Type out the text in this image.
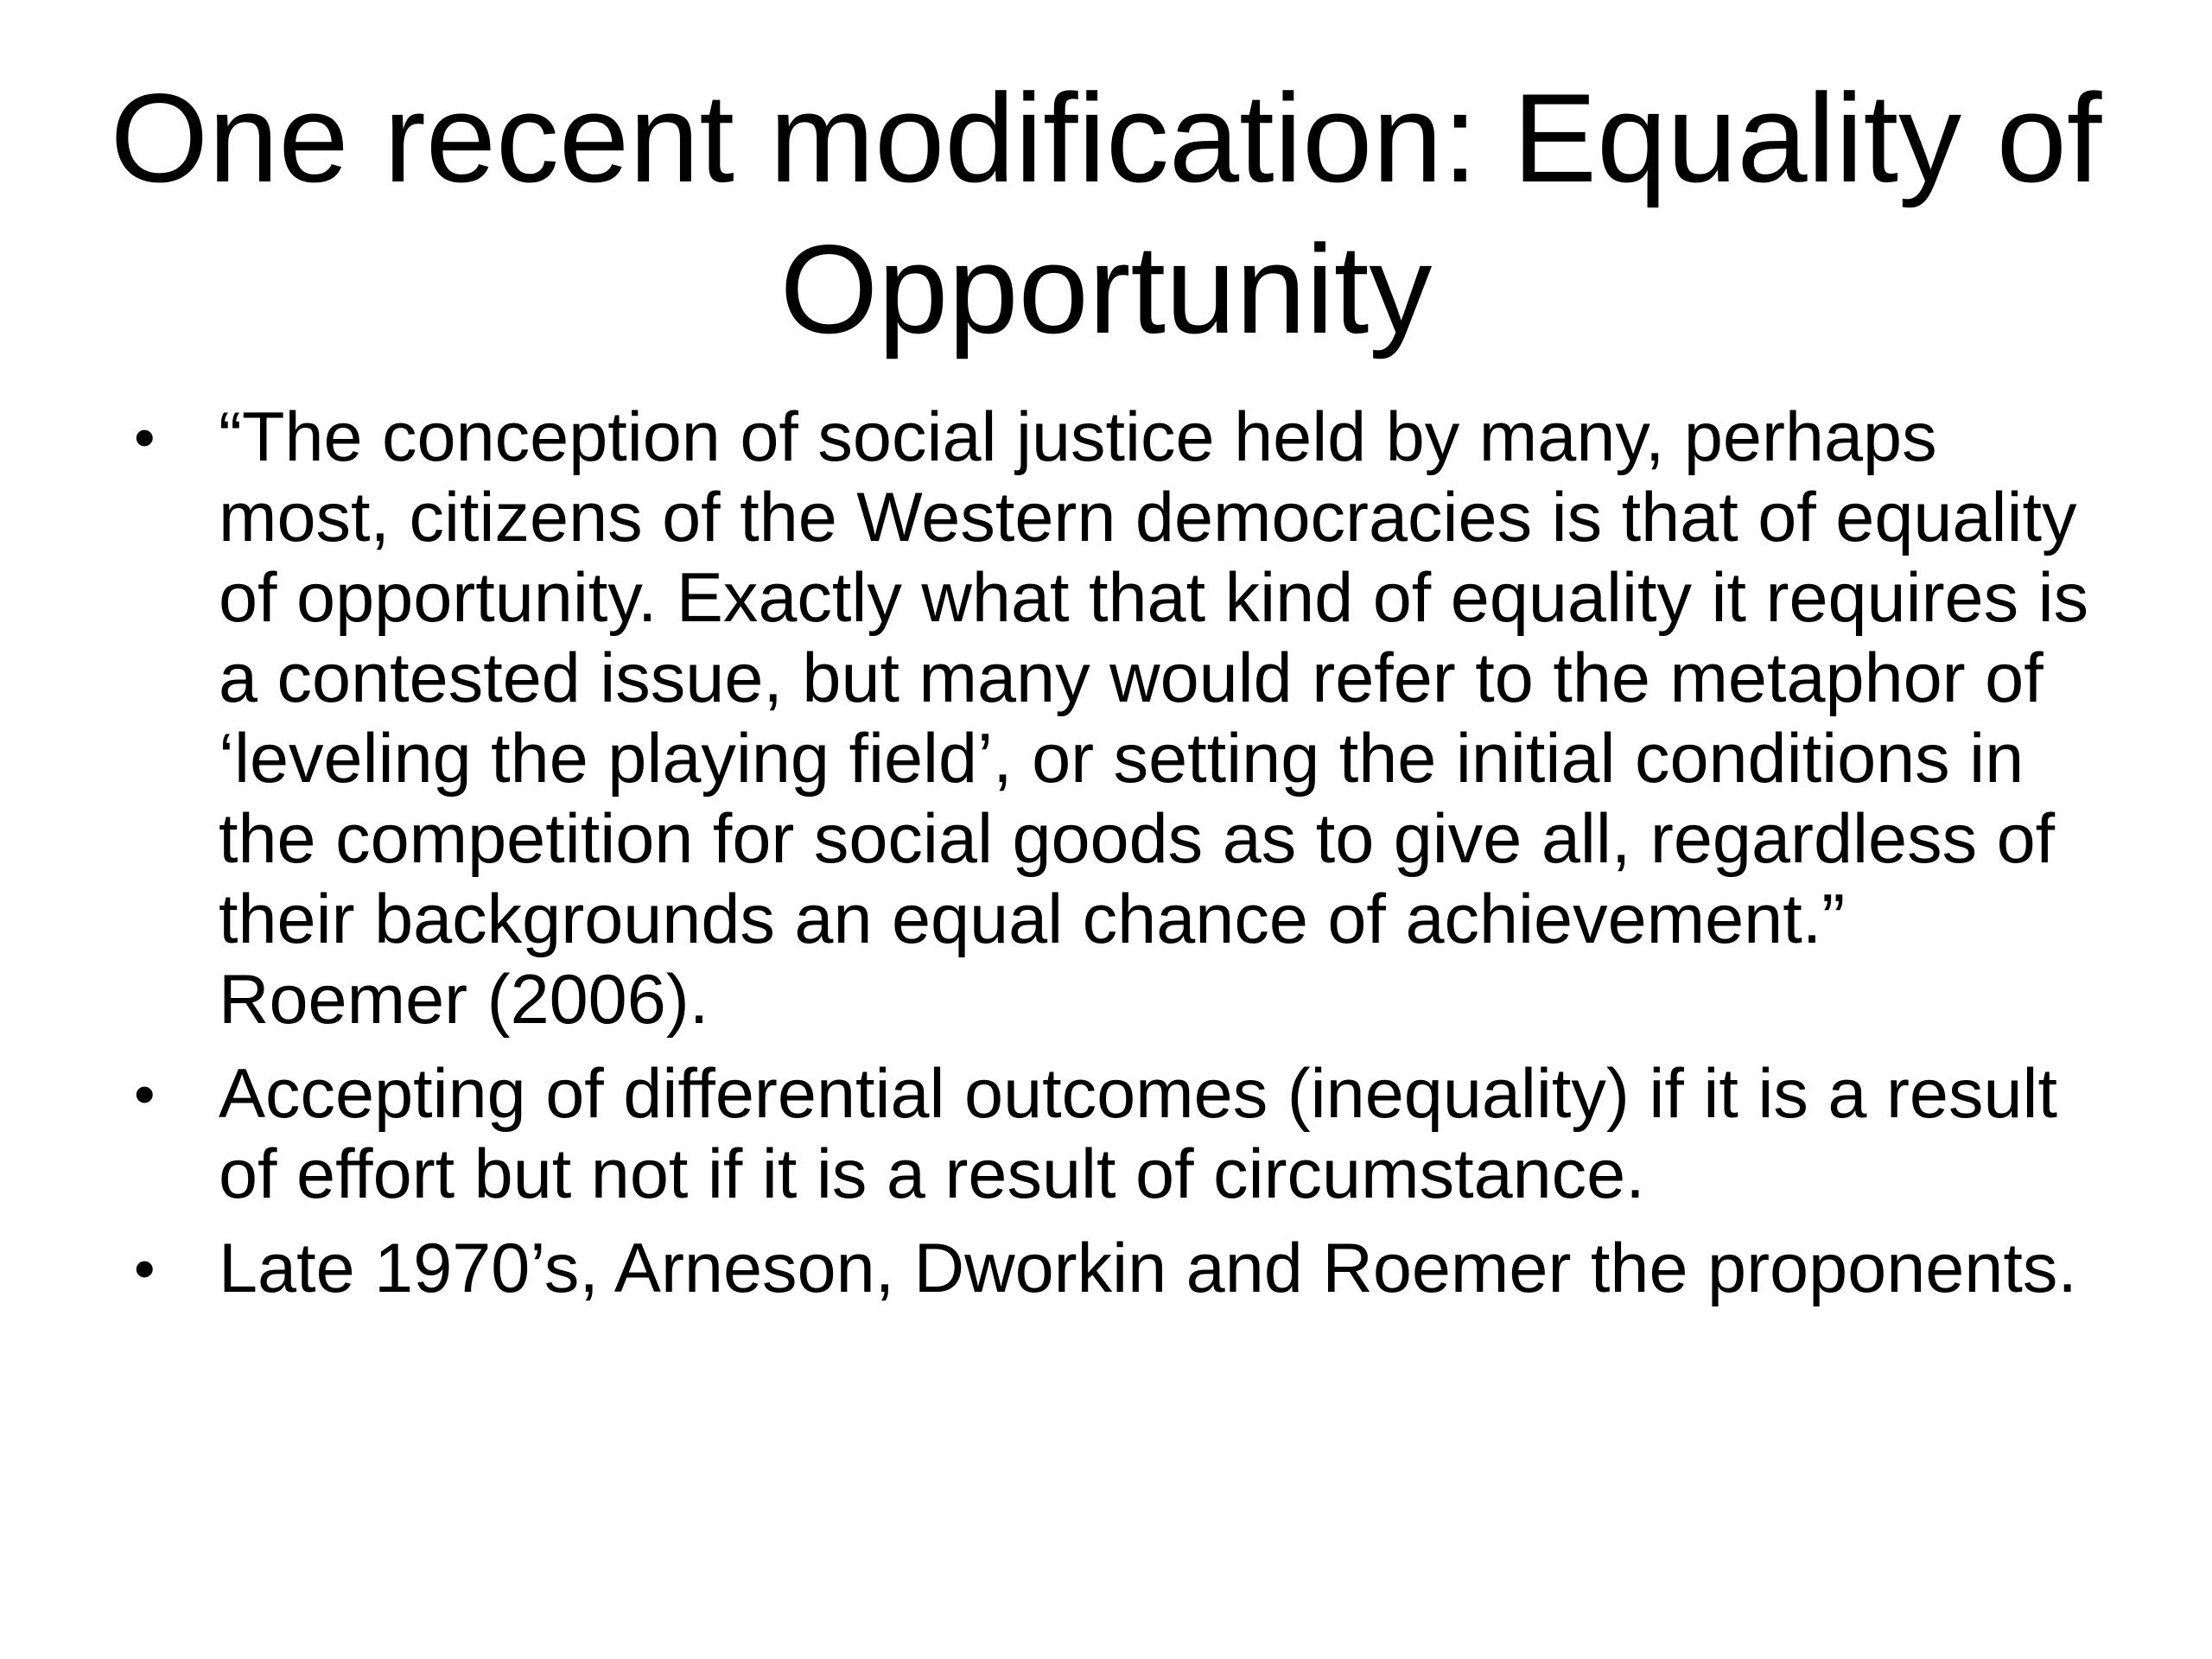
One recent modification: Equality of Opportunity
• “The conception of social justice held by many, perhaps most, citizens of the Western democracies is that of equality of opportunity. Exactly what that kind of equality it requires is a contested issue, but many would refer to the metaphor of ‘leveling the playing field’, or setting the initial conditions in the competition for social goods as to give all, regardless of their backgrounds an equal chance of achievement.” Roemer (2006).
• Accepting of differential outcomes (inequality) if it is a result of effort but not if it is a result of circumstance.
• Late 1970’s, Arneson, Dworkin and Roemer the proponents.
